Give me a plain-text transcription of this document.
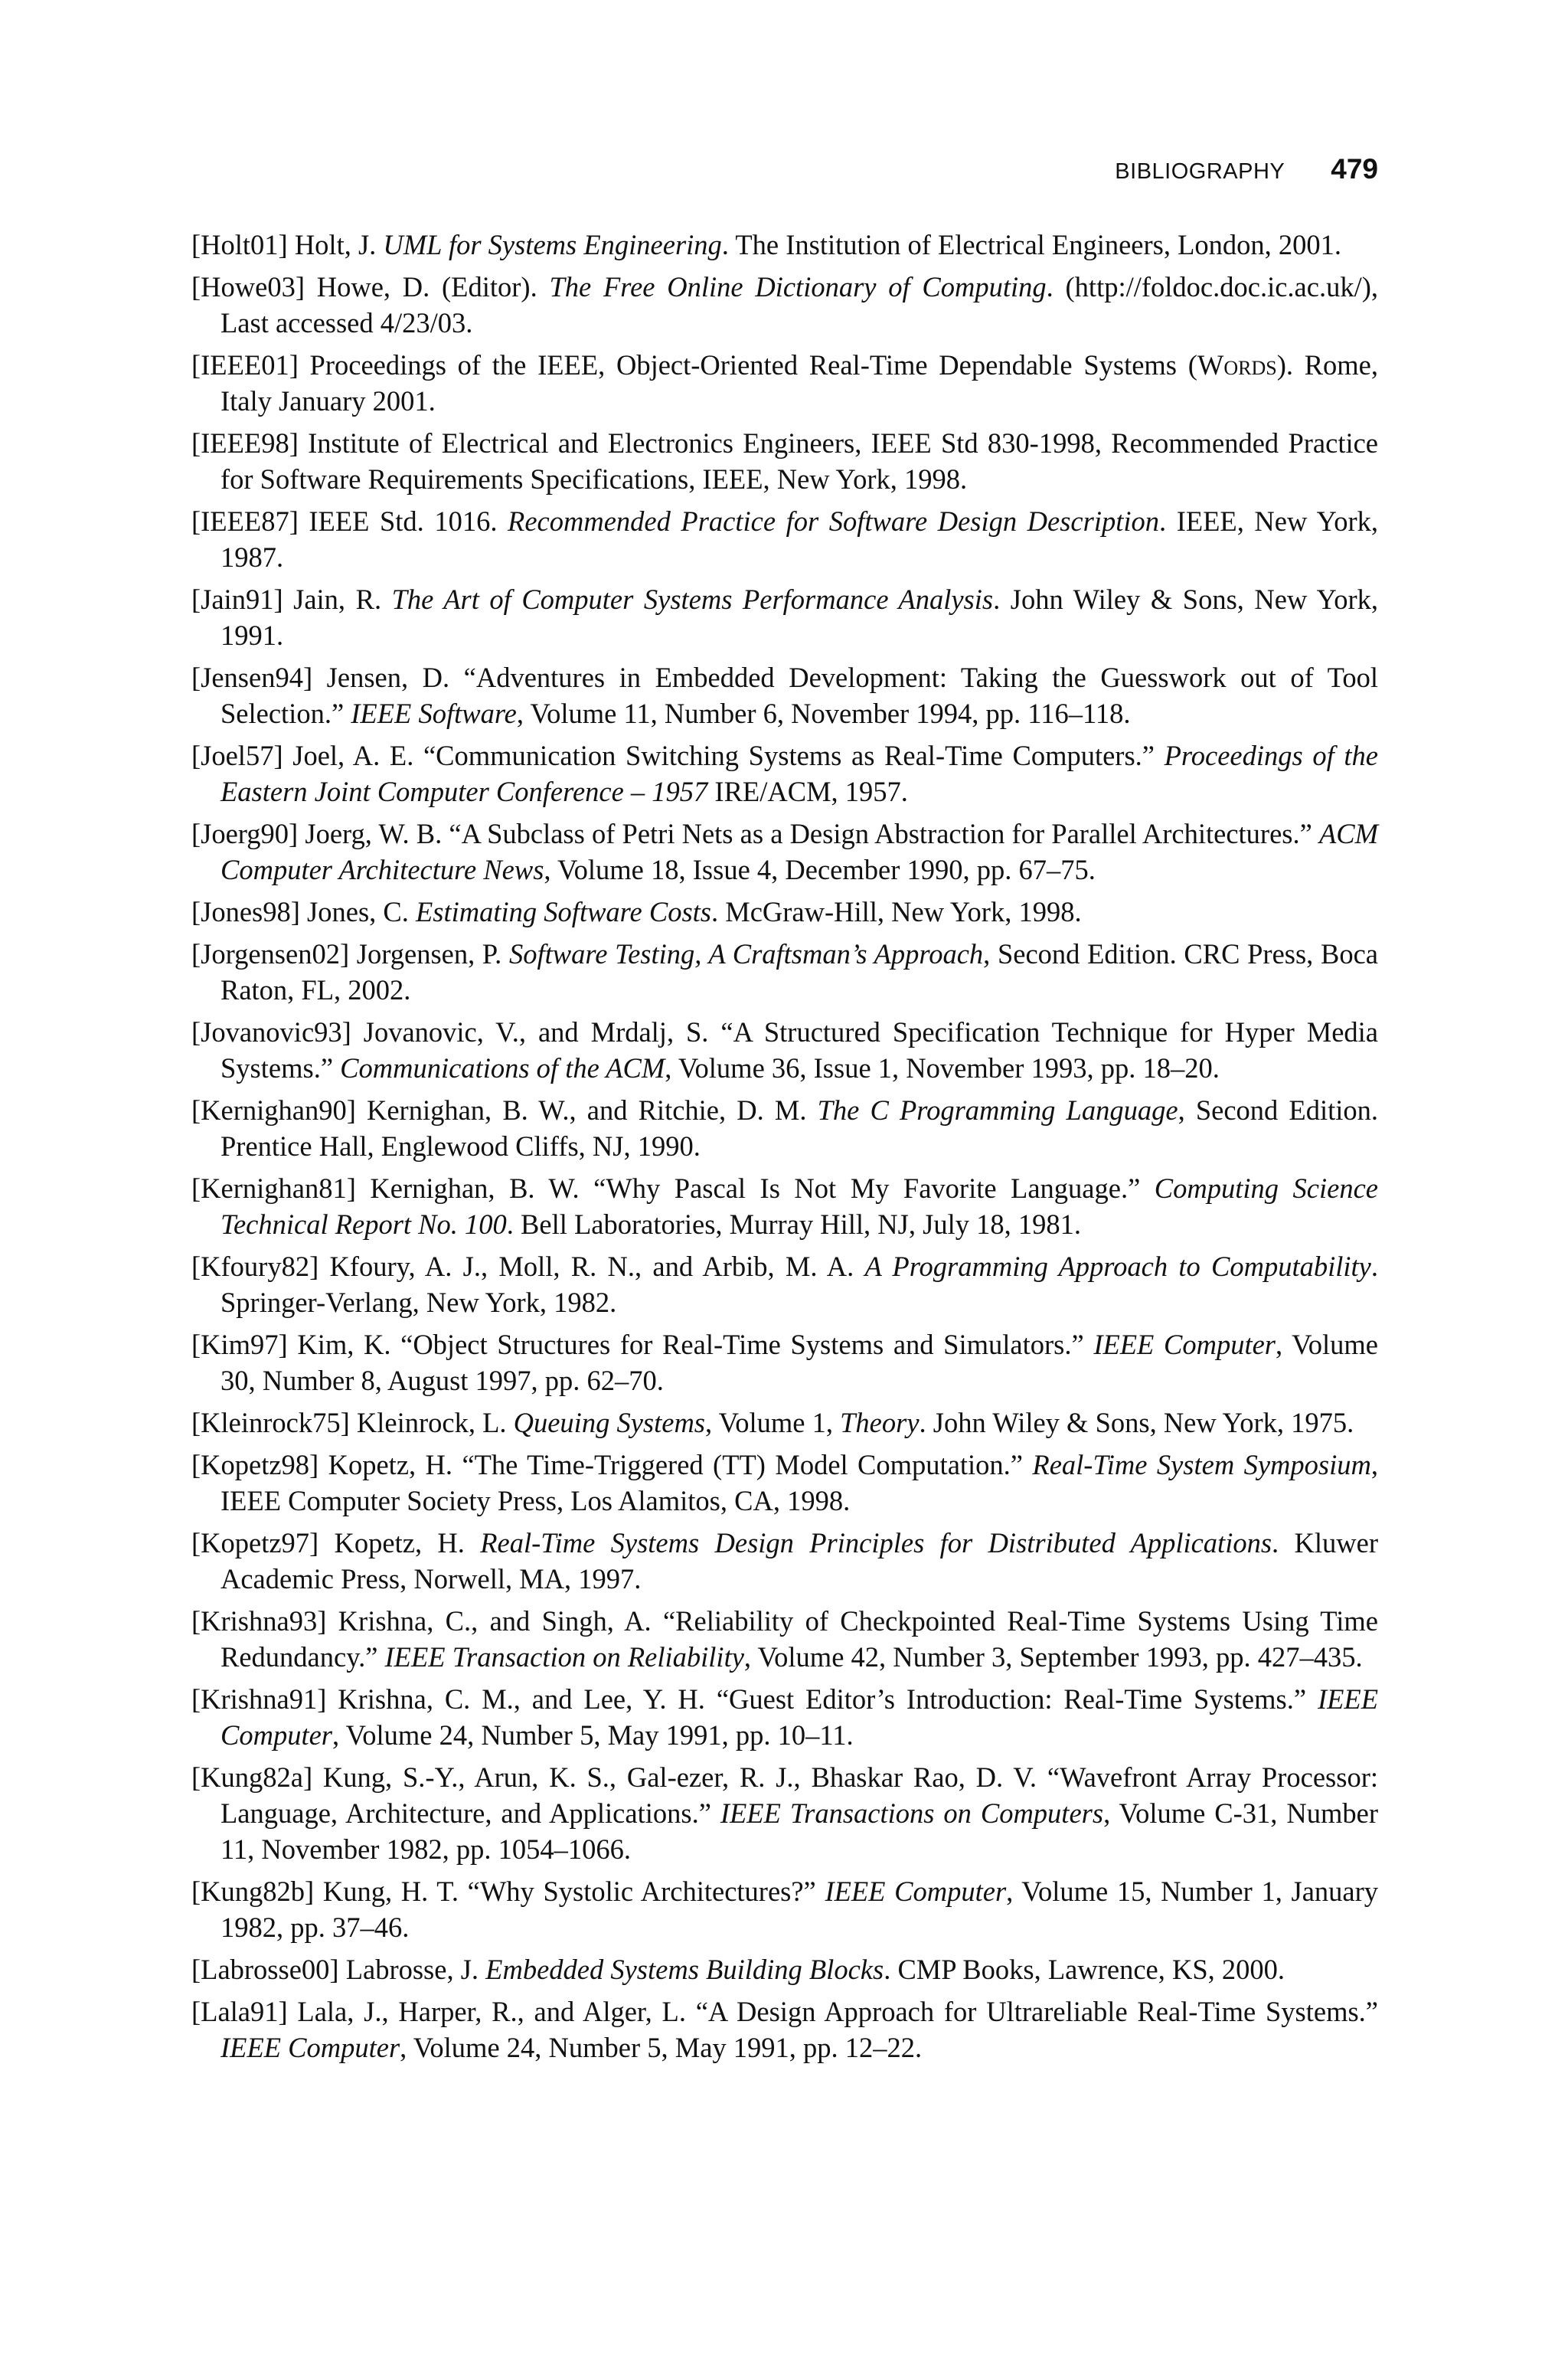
BIBLIOGRAPHY 479

[Holt01] Holt, J. UML for Systems Engineering. The Institution of Electrical Engineers, London, 2001.

[Howe03] Howe, D. (Editor). The Free Online Dictionary of Computing. (http://foldoc.doc.ic.ac.uk/), Last accessed 4/23/03.

[IEEE01] Proceedings of the IEEE, Object-Oriented Real-Time Dependable Systems (Words). Rome, Italy January 2001.

[IEEE98] Institute of Electrical and Electronics Engineers, IEEE Std 830-1998, Recommended Practice for Software Requirements Specifications, IEEE, New York, 1998.

[IEEE87] IEEE Std. 1016. Recommended Practice for Software Design Description. IEEE, New York, 1987.

[Jain91] Jain, R. The Art of Computer Systems Performance Analysis. John Wiley & Sons, New York, 1991.

[Jensen94] Jensen, D. “Adventures in Embedded Development: Taking the Guesswork out of Tool Selection.” IEEE Software, Volume 11, Number 6, November 1994, pp. 116–118.

[Joel57] Joel, A. E. “Communication Switching Systems as Real-Time Computers.” Proceedings of the Eastern Joint Computer Conference – 1957 IRE/ACM, 1957.

[Joerg90] Joerg, W. B. “A Subclass of Petri Nets as a Design Abstraction for Parallel Architectures.” ACM Computer Architecture News, Volume 18, Issue 4, December 1990, pp. 67–75.

[Jones98] Jones, C. Estimating Software Costs. McGraw-Hill, New York, 1998.

[Jorgensen02] Jorgensen, P. Software Testing, A Craftsman’s Approach, Second Edition. CRC Press, Boca Raton, FL, 2002.

[Jovanovic93] Jovanovic, V., and Mrdalj, S. “A Structured Specification Technique for Hyper Media Systems.” Communications of the ACM, Volume 36, Issue 1, November 1993, pp. 18–20.

[Kernighan90] Kernighan, B. W., and Ritchie, D. M. The C Programming Language, Second Edition. Prentice Hall, Englewood Cliffs, NJ, 1990.

[Kernighan81] Kernighan, B. W. “Why Pascal Is Not My Favorite Language.” Computing Science Technical Report No. 100. Bell Laboratories, Murray Hill, NJ, July 18, 1981.

[Kfoury82] Kfoury, A. J., Moll, R. N., and Arbib, M. A. A Programming Approach to Computability. Springer-Verlang, New York, 1982.

[Kim97] Kim, K. “Object Structures for Real-Time Systems and Simulators.” IEEE Computer, Volume 30, Number 8, August 1997, pp. 62–70.

[Kleinrock75] Kleinrock, L. Queuing Systems, Volume 1, Theory. John Wiley & Sons, New York, 1975.

[Kopetz98] Kopetz, H. “The Time-Triggered (TT) Model Computation.” Real-Time System Symposium, IEEE Computer Society Press, Los Alamitos, CA, 1998.

[Kopetz97] Kopetz, H. Real-Time Systems Design Principles for Distributed Applications. Kluwer Academic Press, Norwell, MA, 1997.

[Krishna93] Krishna, C., and Singh, A. “Reliability of Checkpointed Real-Time Systems Using Time Redundancy.” IEEE Transaction on Reliability, Volume 42, Number 3, September 1993, pp. 427–435.

[Krishna91] Krishna, C. M., and Lee, Y. H. “Guest Editor’s Introduction: Real-Time Systems.” IEEE Computer, Volume 24, Number 5, May 1991, pp. 10–11.

[Kung82a] Kung, S.-Y., Arun, K. S., Gal-ezer, R. J., Bhaskar Rao, D. V. “Wavefront Array Processor: Language, Architecture, and Applications.” IEEE Transactions on Computers, Volume C-31, Number 11, November 1982, pp. 1054–1066.

[Kung82b] Kung, H. T. “Why Systolic Architectures?” IEEE Computer, Volume 15, Number 1, January 1982, pp. 37–46.

[Labrosse00] Labrosse, J. Embedded Systems Building Blocks. CMP Books, Lawrence, KS, 2000.

[Lala91] Lala, J., Harper, R., and Alger, L. “A Design Approach for Ultrareliable Real-Time Systems.” IEEE Computer, Volume 24, Number 5, May 1991, pp. 12–22.
